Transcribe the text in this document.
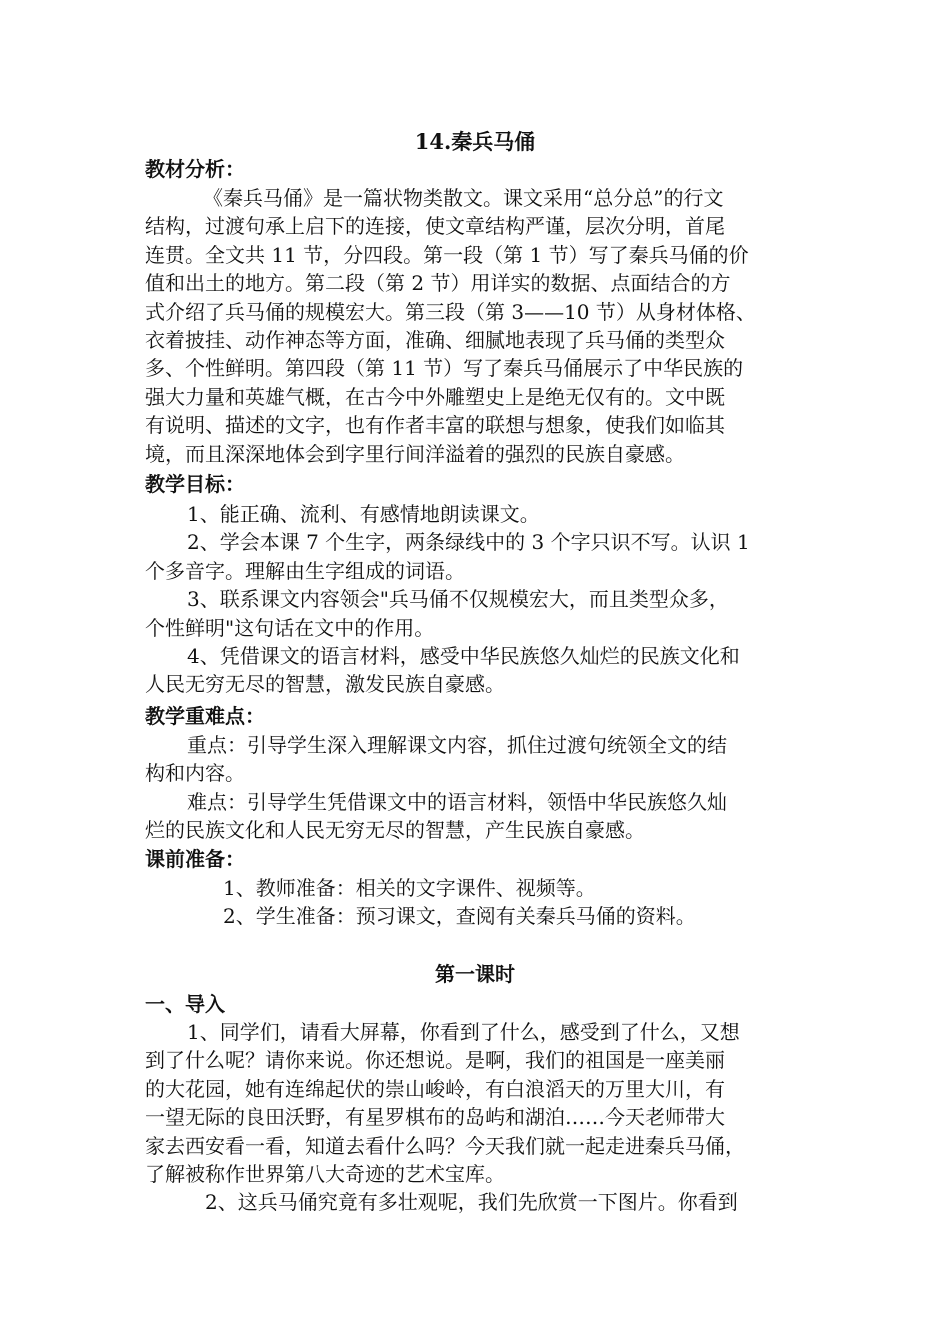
14.秦兵马俑
教材分析：
《秦兵马俑》是一篇状物类散文。课文采用“总分总”的行文
结构，过渡句承上启下的连接，使文章结构严谨，层次分明，首尾
连贯。全文共 11 节，分四段。第一段（第 1 节）写了秦兵马俑的价
值和出土的地方。第二段（第 2 节）用详实的数据、点面结合的方
式介绍了兵马俑的规模宏大。第三段（第 3——10 节）从身材体格、
衣着披挂、动作神态等方面，准确、细腻地表现了兵马俑的类型众
多、个性鲜明。第四段（第 11 节）写了秦兵马俑展示了中华民族的
强大力量和英雄气概，在古今中外雕塑史上是绝无仅有的。文中既
有说明、描述的文字，也有作者丰富的联想与想象，使我们如临其
境，而且深深地体会到字里行间洋溢着的强烈的民族自豪感。
教学目标：
1、能正确、流利、有感情地朗读课文。
2、学会本课 7 个生字，两条绿线中的 3 个字只识不写。认识 1
个多音字。理解由生字组成的词语。
3、联系课文内容领会"兵马俑不仅规模宏大，而且类型众多，
个性鲜明"这句话在文中的作用。
4、凭借课文的语言材料，感受中华民族悠久灿烂的民族文化和
人民无穷无尽的智慧，激发民族自豪感。
教学重难点：
重点：引导学生深入理解课文内容，抓住过渡句统领全文的结
构和内容。
难点：引导学生凭借课文中的语言材料，领悟中华民族悠久灿
烂的民族文化和人民无穷无尽的智慧，产生民族自豪感。
课前准备：
1、教师准备：相关的文字课件、视频等。
2、学生准备：预习课文，查阅有关秦兵马俑的资料。
第一课时
一、导入
1、同学们，请看大屏幕，你看到了什么，感受到了什么，又想
到了什么呢？请你来说。你还想说。是啊，我们的祖国是一座美丽
的大花园，她有连绵起伏的崇山峻岭，有白浪滔天的万里大川，有
一望无际的良田沃野，有星罗棋布的岛屿和湖泊……今天老师带大
家去西安看一看，知道去看什么吗？今天我们就一起走进秦兵马俑，
了解被称作世界第八大奇迹的艺术宝库。
2、这兵马俑究竟有多壮观呢，我们先欣赏一下图片。你看到
